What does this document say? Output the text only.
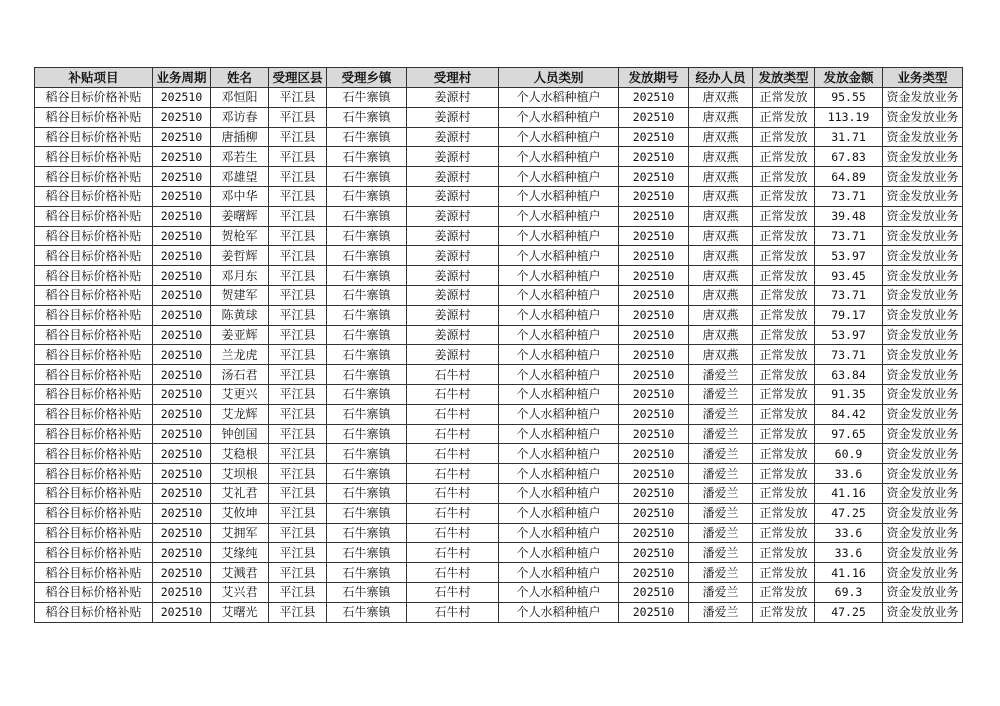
补贴项目	业务周期	姓名	受理区县	受理乡镇	受理村	人员类别	发放期号	经办人员	发放类型	发放金额	业务类型
稻谷目标价格补贴	202510	邓恒阳	平江县	石牛寨镇	姜源村	个人水稻种植户	202510	唐双燕	正常发放	95.55	资金发放业务
稻谷目标价格补贴	202510	邓访春	平江县	石牛寨镇	姜源村	个人水稻种植户	202510	唐双燕	正常发放	113.19	资金发放业务
稻谷目标价格补贴	202510	唐插柳	平江县	石牛寨镇	姜源村	个人水稻种植户	202510	唐双燕	正常发放	31.71	资金发放业务
稻谷目标价格补贴	202510	邓若生	平江县	石牛寨镇	姜源村	个人水稻种植户	202510	唐双燕	正常发放	67.83	资金发放业务
稻谷目标价格补贴	202510	邓雄望	平江县	石牛寨镇	姜源村	个人水稻种植户	202510	唐双燕	正常发放	64.89	资金发放业务
稻谷目标价格补贴	202510	邓中华	平江县	石牛寨镇	姜源村	个人水稻种植户	202510	唐双燕	正常发放	73.71	资金发放业务
稻谷目标价格补贴	202510	姜曙辉	平江县	石牛寨镇	姜源村	个人水稻种植户	202510	唐双燕	正常发放	39.48	资金发放业务
稻谷目标价格补贴	202510	贺枪军	平江县	石牛寨镇	姜源村	个人水稻种植户	202510	唐双燕	正常发放	73.71	资金发放业务
稻谷目标价格补贴	202510	姜哲辉	平江县	石牛寨镇	姜源村	个人水稻种植户	202510	唐双燕	正常发放	53.97	资金发放业务
稻谷目标价格补贴	202510	邓月东	平江县	石牛寨镇	姜源村	个人水稻种植户	202510	唐双燕	正常发放	93.45	资金发放业务
稻谷目标价格补贴	202510	贺建军	平江县	石牛寨镇	姜源村	个人水稻种植户	202510	唐双燕	正常发放	73.71	资金发放业务
稻谷目标价格补贴	202510	陈黄球	平江县	石牛寨镇	姜源村	个人水稻种植户	202510	唐双燕	正常发放	79.17	资金发放业务
稻谷目标价格补贴	202510	姜亚辉	平江县	石牛寨镇	姜源村	个人水稻种植户	202510	唐双燕	正常发放	53.97	资金发放业务
稻谷目标价格补贴	202510	兰龙虎	平江县	石牛寨镇	姜源村	个人水稻种植户	202510	唐双燕	正常发放	73.71	资金发放业务
稻谷目标价格补贴	202510	汤石君	平江县	石牛寨镇	石牛村	个人水稻种植户	202510	潘爱兰	正常发放	63.84	资金发放业务
稻谷目标价格补贴	202510	艾更兴	平江县	石牛寨镇	石牛村	个人水稻种植户	202510	潘爱兰	正常发放	91.35	资金发放业务
稻谷目标价格补贴	202510	艾龙辉	平江县	石牛寨镇	石牛村	个人水稻种植户	202510	潘爱兰	正常发放	84.42	资金发放业务
稻谷目标价格补贴	202510	钟创国	平江县	石牛寨镇	石牛村	个人水稻种植户	202510	潘爱兰	正常发放	97.65	资金发放业务
稻谷目标价格补贴	202510	艾稳根	平江县	石牛寨镇	石牛村	个人水稻种植户	202510	潘爱兰	正常发放	60.9	资金发放业务
稻谷目标价格补贴	202510	艾坝根	平江县	石牛寨镇	石牛村	个人水稻种植户	202510	潘爱兰	正常发放	33.6	资金发放业务
稻谷目标价格补贴	202510	艾礼君	平江县	石牛寨镇	石牛村	个人水稻种植户	202510	潘爱兰	正常发放	41.16	资金发放业务
稻谷目标价格补贴	202510	艾攸坤	平江县	石牛寨镇	石牛村	个人水稻种植户	202510	潘爱兰	正常发放	47.25	资金发放业务
稻谷目标价格补贴	202510	艾拥军	平江县	石牛寨镇	石牛村	个人水稻种植户	202510	潘爱兰	正常发放	33.6	资金发放业务
稻谷目标价格补贴	202510	艾缘纯	平江县	石牛寨镇	石牛村	个人水稻种植户	202510	潘爱兰	正常发放	33.6	资金发放业务
稻谷目标价格补贴	202510	艾溅君	平江县	石牛寨镇	石牛村	个人水稻种植户	202510	潘爱兰	正常发放	41.16	资金发放业务
稻谷目标价格补贴	202510	艾兴君	平江县	石牛寨镇	石牛村	个人水稻种植户	202510	潘爱兰	正常发放	69.3	资金发放业务
稻谷目标价格补贴	202510	艾曙光	平江县	石牛寨镇	石牛村	个人水稻种植户	202510	潘爱兰	正常发放	47.25	资金发放业务
